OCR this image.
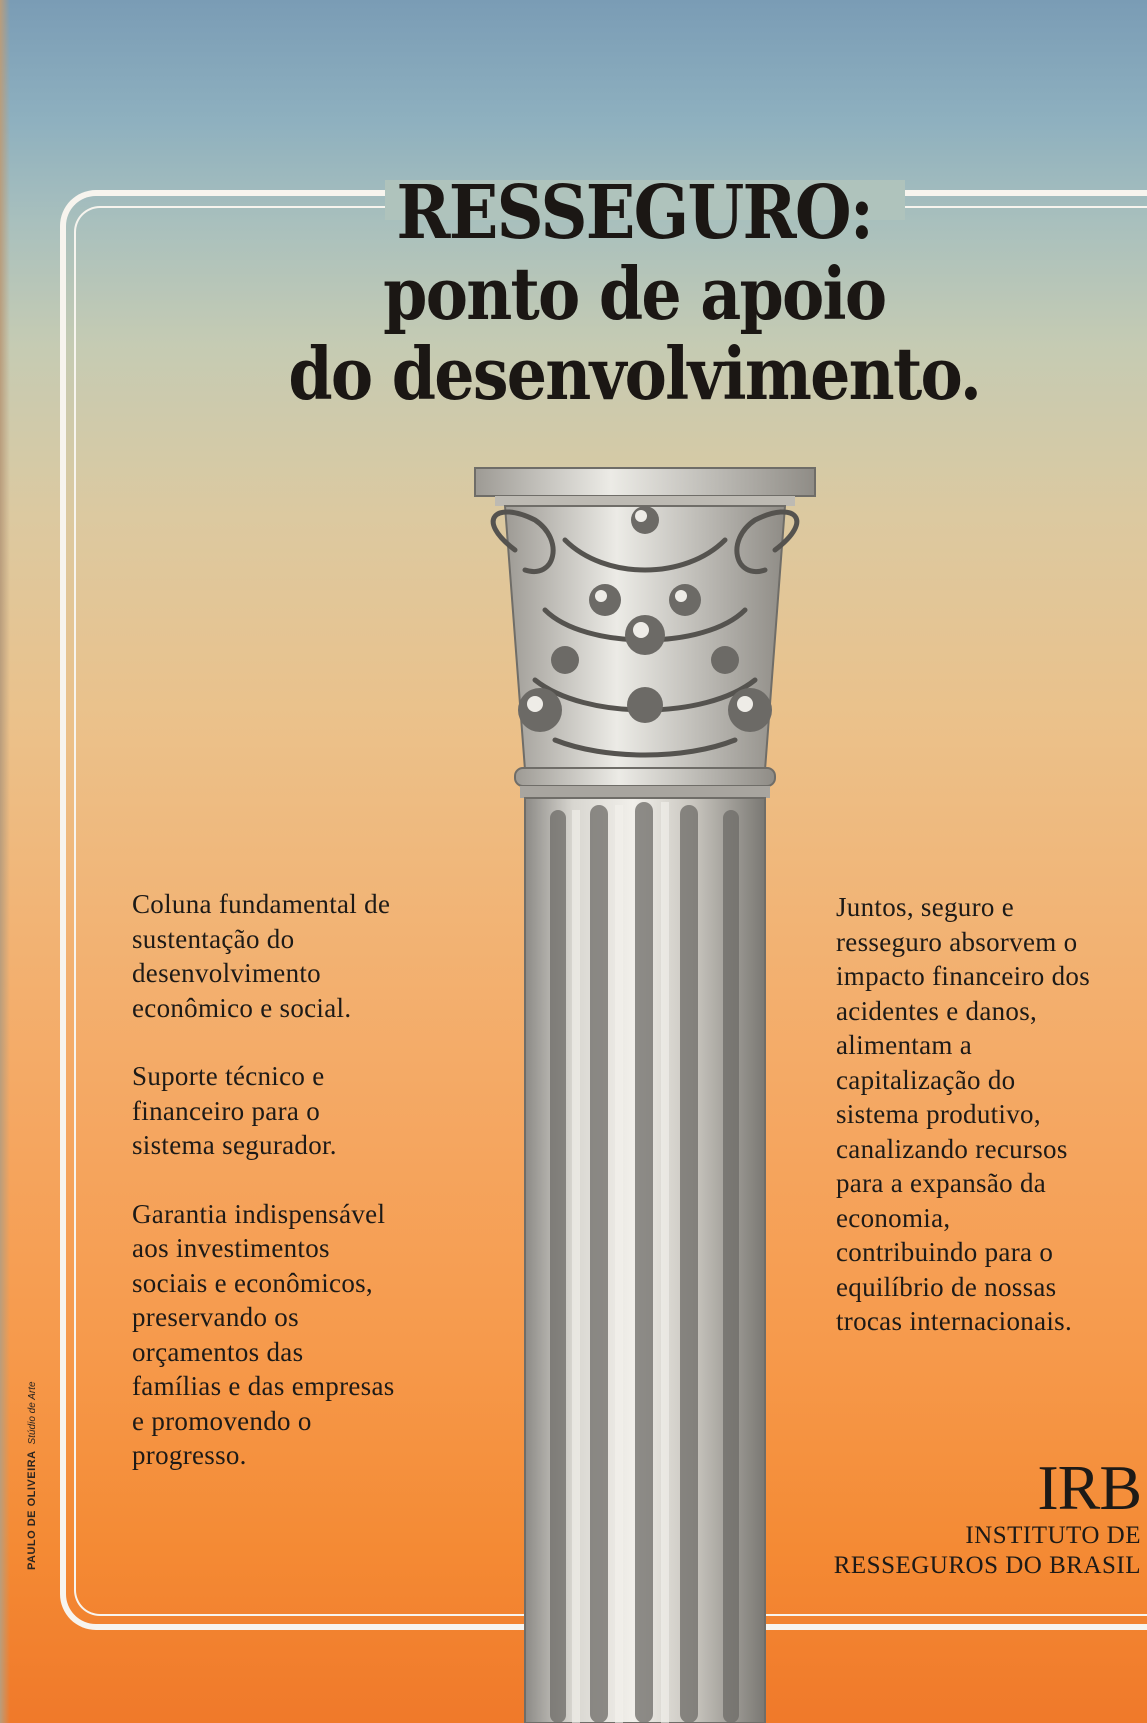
RESSEGURO:
ponto de apoio
do desenvolvimento.

Coluna fundamental de
sustentação do
desenvolvimento
econômico e social.

Suporte técnico e
financeiro para o
sistema segurador.

Garantia indispensável
aos investimentos
sociais e econômicos,
preservando os
orçamentos das
famílias e das empresas
e promovendo o
progresso.

Juntos, seguro e
resseguro absorvem o
impacto financeiro dos
acidentes e danos,
alimentam a
capitalização do
sistema produtivo,
canalizando recursos
para a expansão da
economia,
contribuindo para o
equilíbrio de nossas
trocas internacionais.

IRB
INSTITUTO DE
RESSEGUROS DO BRASIL
PAULO DE OLIVEIRAStúdio de Arte
